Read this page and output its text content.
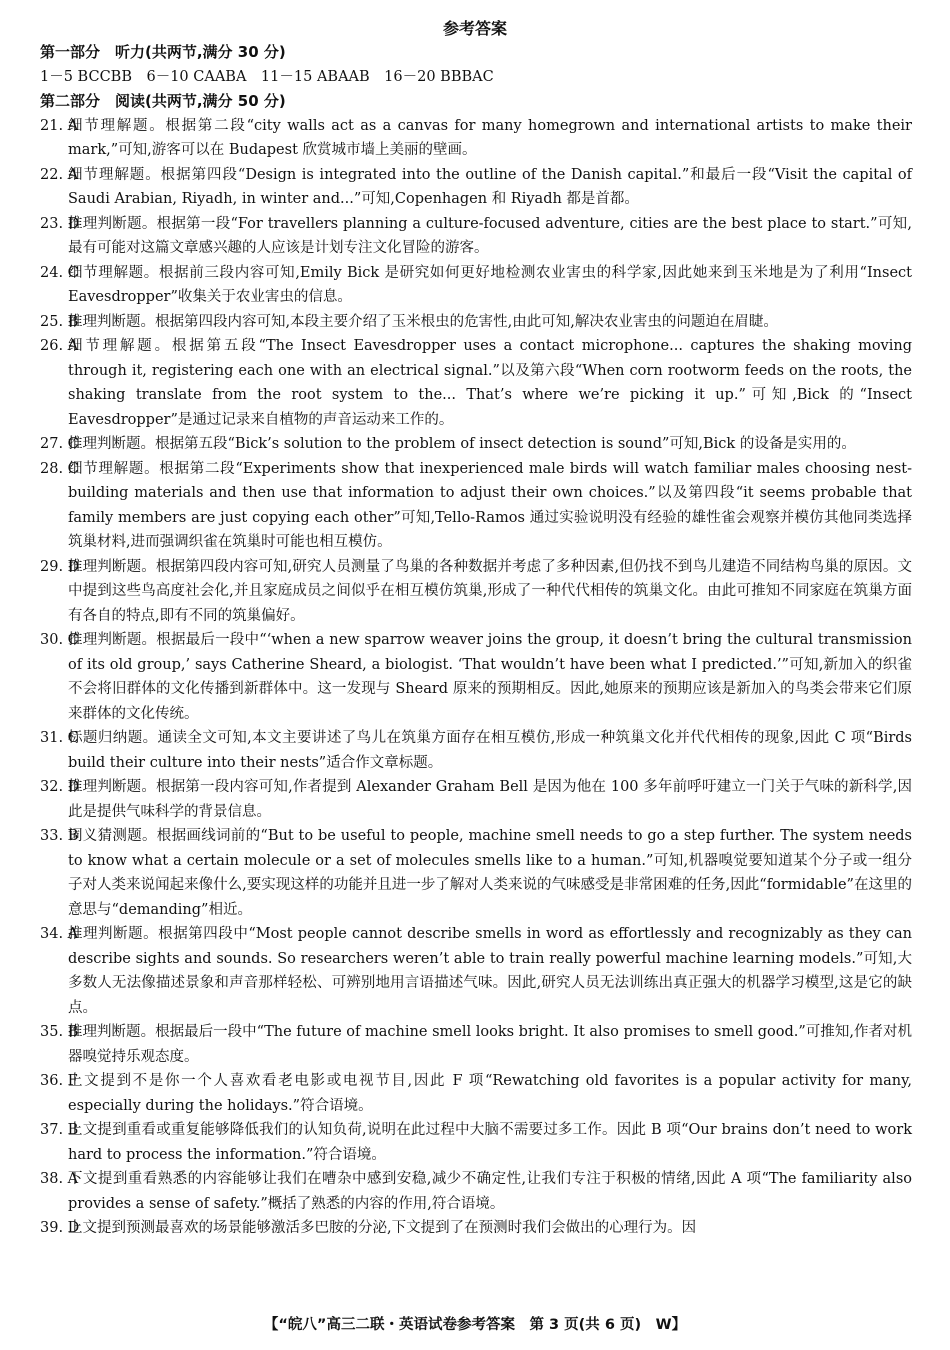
参考答案
第一部分　听力(共两节,满分 30 分)
1－5 BCCBB　6－10 CAABA　11－15 ABAAB　16－20 BBBAC
第二部分　阅读(共两节,满分 50 分)
21. A
细节理解题。根据第二段“city walls act as a canvas for many homegrown and international artists to make their mark,”可知,游客可以在 Budapest 欣赏城市墙上美丽的壁画。
22. A
细节理解题。根据第四段“Design is integrated into the outline of the Danish capital.”和最后一段“Visit the capital of Saudi Arabian, Riyadh, in winter and...”可知,Copenhagen 和 Riyadh 都是首都。
23. D
推理判断题。根据第一段“For travellers planning a culture-focused adventure, cities are the best place to start.”可知,最有可能对这篇文章感兴趣的人应该是计划专注文化冒险的游客。
24. C
细节理解题。根据前三段内容可知,Emily Bick 是研究如何更好地检测农业害虫的科学家,因此她来到玉米地是为了利用“Insect Eavesdropper”收集关于农业害虫的信息。
25. B
推理判断题。根据第四段内容可知,本段主要介绍了玉米根虫的危害性,由此可知,解决农业害虫的问题迫在眉睫。
26. A
细节理解题。根据第五段“The Insect Eavesdropper uses a contact microphone... captures the shaking moving through it, registering each one with an electrical signal.”以及第六段“When corn rootworm feeds on the roots, the shaking translate from the root system to the... That’s where we’re picking it up.”可知,Bick 的“Insect Eavesdropper”是通过记录来自植物的声音运动来工作的。
27. C
推理判断题。根据第五段“Bick’s solution to the problem of insect detection is sound”可知,Bick 的设备是实用的。
28. C
细节理解题。根据第二段“Experiments show that inexperienced male birds will watch familiar males choosing nest-building materials and then use that information to adjust their own choices.”以及第四段“it seems probable that family members are just copying each other”可知,Tello-Ramos 通过实验说明没有经验的雄性雀会观察并模仿其他同类选择筑巢材料,进而强调织雀在筑巢时可能也相互模仿。
29. D
推理判断题。根据第四段内容可知,研究人员测量了鸟巢的各种数据并考虑了多种因素,但仍找不到鸟儿建造不同结构鸟巢的原因。文中提到这些鸟高度社会化,并且家庭成员之间似乎在相互模仿筑巢,形成了一种代代相传的筑巢文化。由此可推知不同家庭在筑巢方面有各自的特点,即有不同的筑巢偏好。
30. C
推理判断题。根据最后一段中“‘when a new sparrow weaver joins the group, it doesn’t bring the cultural transmission of its old group,’ says Catherine Sheard, a biologist. ‘That wouldn’t have been what I predicted.’”可知,新加入的织雀不会将旧群体的文化传播到新群体中。这一发现与 Sheard 原来的预期相反。因此,她原来的预期应该是新加入的鸟类会带来它们原来群体的文化传统。
31. C
标题归纳题。通读全文可知,本文主要讲述了鸟儿在筑巢方面存在相互模仿,形成一种筑巢文化并代代相传的现象,因此 C 项“Birds build their culture into their nests”适合作文章标题。
32. D
推理判断题。根据第一段内容可知,作者提到 Alexander Graham Bell 是因为他在 100 多年前呼吁建立一门关于气味的新科学,因此是提供气味科学的背景信息。
33. B
词义猜测题。根据画线词前的“But to be useful to people, machine smell needs to go a step further. The system needs to know what a certain molecule or a set of molecules smells like to a human.”可知,机器嗅觉要知道某个分子或一组分子对人类来说闻起来像什么,要实现这样的功能并且进一步了解对人类来说的气味感受是非常困难的任务,因此“formidable”在这里的意思与“demanding”相近。
34. A
推理判断题。根据第四段中“Most people cannot describe smells in word as effortlessly and recognizably as they can describe sights and sounds. So researchers weren’t able to train really powerful machine learning models.”可知,大多数人无法像描述景象和声音那样轻松、可辨别地用言语描述气味。因此,研究人员无法训练出真正强大的机器学习模型,这是它的缺点。
35. B
推理判断题。根据最后一段中“The future of machine smell looks bright. It also promises to smell good.”可推知,作者对机器嗅觉持乐观态度。
36. F
上文提到不是你一个人喜欢看老电影或电视节目,因此 F 项“Rewatching old favorites is a popular activity for many, especially during the holidays.”符合语境。
37. B
上文提到重看或重复能够降低我们的认知负荷,说明在此过程中大脑不需要过多工作。因此 B 项“Our brains don’t need to work hard to process the information.”符合语境。
38. A
下文提到重看熟悉的内容能够让我们在嘈杂中感到安稳,减少不确定性,让我们专注于积极的情绪,因此 A 项“The familiarity also provides a sense of safety.”概括了熟悉的内容的作用,符合语境。
39. D
上文提到预测最喜欢的场景能够激活多巴胺的分泌,下文提到了在预测时我们会做出的心理行为。因
【“皖八”高三二联・英语试卷参考答案　第 3 页(共 6 页)　W】
